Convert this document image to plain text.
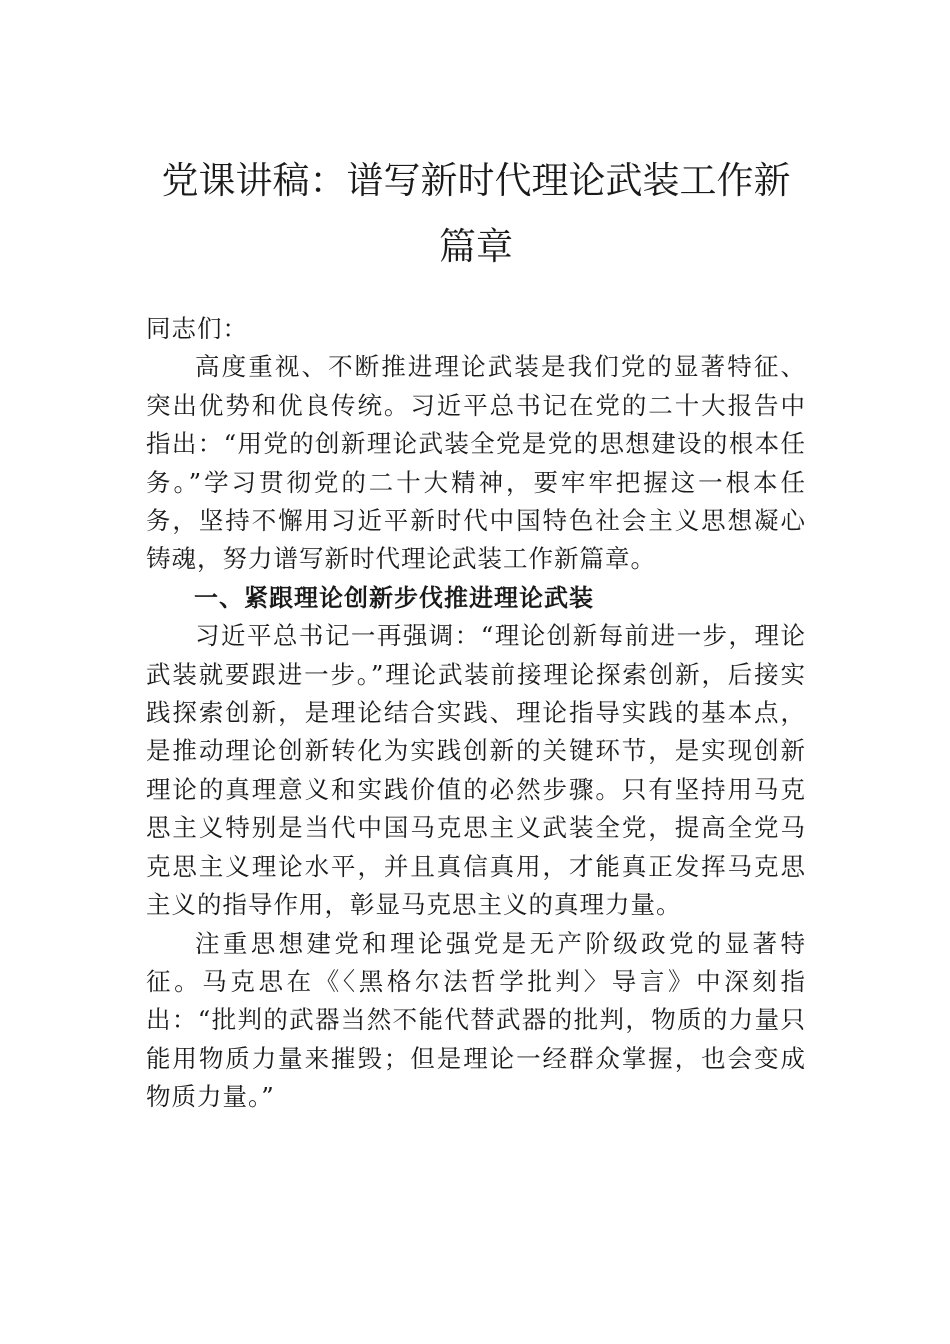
党课讲稿：谱写新时代理论武装工作新篇章

同志们：

高度重视、不断推进理论武装是我们党的显著特征、突出优势和优良传统。习近平总书记在党的二十大报告中指出：“用党的创新理论武装全党是党的思想建设的根本任务。”学习贯彻党的二十大精神，要牢牢把握这一根本任务，坚持不懈用习近平新时代中国特色社会主义思想凝心铸魂，努力谱写新时代理论武装工作新篇章。

一、紧跟理论创新步伐推进理论武装

习近平总书记一再强调：“理论创新每前进一步，理论武装就要跟进一步。”理论武装前接理论探索创新，后接实践探索创新，是理论结合实践、理论指导实践的基本点，是推动理论创新转化为实践创新的关键环节，是实现创新理论的真理意义和实践价值的必然步骤。只有坚持用马克思主义特别是当代中国马克思主义武装全党，提高全党马克思主义理论水平，并且真信真用，才能真正发挥马克思主义的指导作用，彰显马克思主义的真理力量。

注重思想建党和理论强党是无产阶级政党的显著特征。马克思在《〈黑格尔法哲学批判〉导言》中深刻指出：“批判的武器当然不能代替武器的批判，物质的力量只能用物质力量来摧毁；但是理论一经群众掌握，也会变成物质力量。”
